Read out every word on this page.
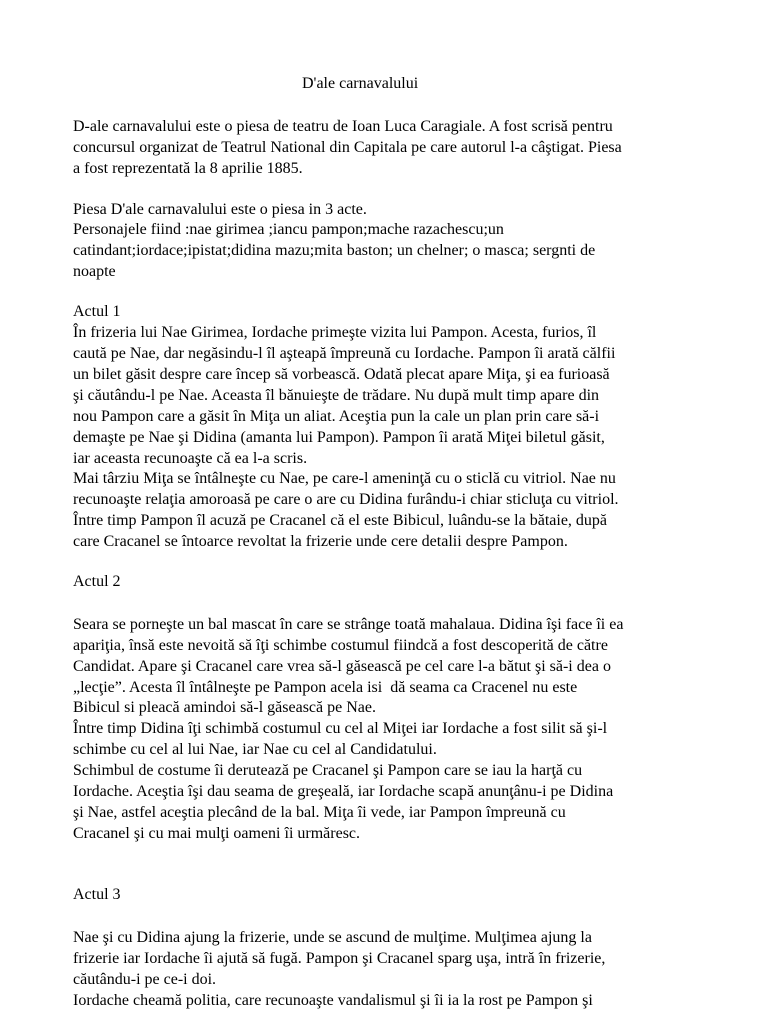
D'ale carnavalului
D-ale carnavalului este o piesa de teatru de Ioan Luca Caragiale. A fost scrisă pentru
concursul organizat de Teatrul National din Capitala pe care autorul l-a câştigat. Piesa
a fost reprezentată la 8 aprilie 1885.
Piesa D'ale carnavalului este o piesa in 3 acte.
Personajele fiind :nae girimea ;iancu pampon;mache razachescu;un
catindant;iordace;ipistat;didina mazu;mita baston; un chelner; o masca; sergnti de
noapte
Actul 1
În frizeria lui Nae Girimea, Iordache primeşte vizita lui Pampon. Acesta, furios, îl
caută pe Nae, dar negăsindu-l îl aşteapă împreună cu Iordache. Pampon îi arată călfii
un bilet găsit despre care încep să vorbească. Odată plecat apare Miţa, şi ea furioasă
şi căutându-l pe Nae. Aceasta îl bănuieşte de trădare. Nu după mult timp apare din
nou Pampon care a găsit în Miţa un aliat. Aceştia pun la cale un plan prin care să-i
demaşte pe Nae şi Didina (amanta lui Pampon). Pampon îi arată Miţei biletul găsit,
iar aceasta recunoaşte că ea l-a scris.
Mai târziu Miţa se întâlneşte cu Nae, pe care-l ameninţă cu o sticlă cu vitriol. Nae nu
recunoaşte relaţia amoroasă pe care o are cu Didina furându-i chiar sticluţa cu vitriol.
Între timp Pampon îl acuză pe Cracanel că el este Bibicul, luându-se la bătaie, după
care Cracanel se întoarce revoltat la frizerie unde cere detalii despre Pampon.
Actul 2
Seara se porneşte un bal mascat în care se strânge toată mahalaua. Didina îşi face îi ea
apariţia, însă este nevoită să îţi schimbe costumul fiindcă a fost descoperită de către
Candidat. Apare şi Cracanel care vrea să-l găsească pe cel care l-a bătut şi să-i dea o
„lecţie”. Acesta îl întâlneşte pe Pampon acela isi  dă seama ca Cracenel nu este
Bibicul si pleacă amindoi să-l găsească pe Nae.
Între timp Didina îţi schimbă costumul cu cel al Miţei iar Iordache a fost silit să şi-l
schimbe cu cel al lui Nae, iar Nae cu cel al Candidatului.
Schimbul de costume îi derutează pe Cracanel şi Pampon care se iau la harţă cu
Iordache. Aceştia îşi dau seama de greşeală, iar Iordache scapă anunţânu-i pe Didina
şi Nae, astfel aceştia plecând de la bal. Miţa îi vede, iar Pampon împreună cu
Cracanel şi cu mai mulţi oameni îi urmăresc.
Actul 3
Nae şi cu Didina ajung la frizerie, unde se ascund de mulţime. Mulţimea ajung la
frizerie iar Iordache îi ajută să fugă. Pampon şi Cracanel sparg uşa, intră în frizerie,
căutându-i pe ce-i doi.
Iordache cheamă politia, care recunoaşte vandalismul şi îi ia la rost pe Pampon şi
